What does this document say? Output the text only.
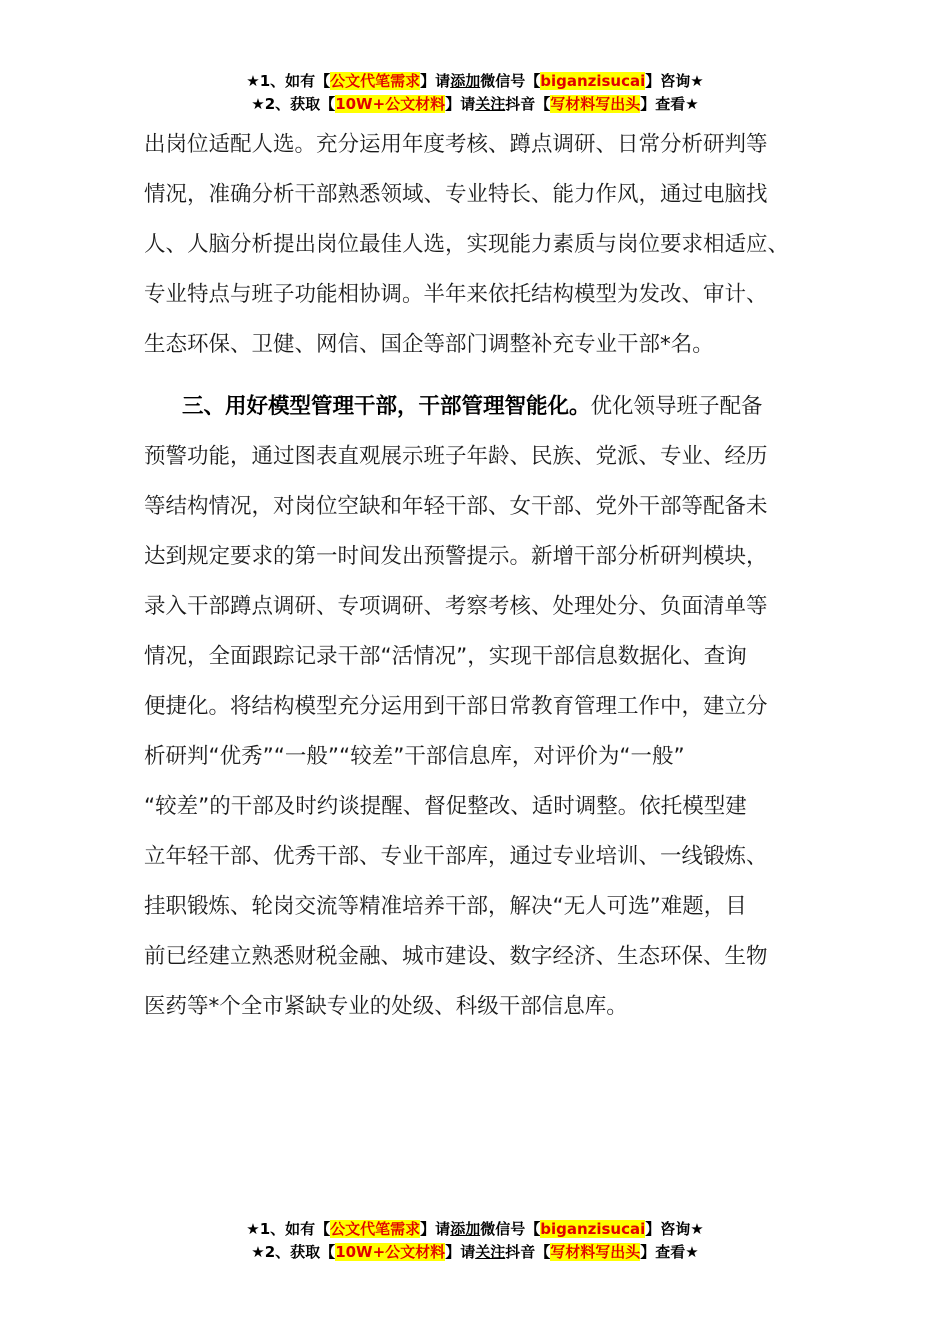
★1、如有【公文代笔需求】请添加微信号【biganzisucai】咨询★
★2、获取【10W+公文材料】请关注抖音【写材料写出头】查看★
出岗位适配人选。充分运用年度考核、蹲点调研、日常分析研判等
情况，准确分析干部熟悉领域、专业特长、能力作风，通过电脑找
人、人脑分析提出岗位最佳人选，实现能力素质与岗位要求相适应、
专业特点与班子功能相协调。半年来依托结构模型为发改、审计、
生态环保、卫健、网信、国企等部门调整补充专业干部*名。
三、用好模型管理干部，干部管理智能化。优化领导班子配备
预警功能，通过图表直观展示班子年龄、民族、党派、专业、经历
等结构情况，对岗位空缺和年轻干部、女干部、党外干部等配备未
达到规定要求的第一时间发出预警提示。新增干部分析研判模块，
录入干部蹲点调研、专项调研、考察考核、处理处分、负面清单等
情况，全面跟踪记录干部“活情况”，实现干部信息数据化、查询
便捷化。将结构模型充分运用到干部日常教育管理工作中，建立分
析研判“优秀”“一般”“较差”干部信息库，对评价为“一般”
“较差”的干部及时约谈提醒、督促整改、适时调整。依托模型建
立年轻干部、优秀干部、专业干部库，通过专业培训、一线锻炼、
挂职锻炼、轮岗交流等精准培养干部，解决“无人可选”难题，目
前已经建立熟悉财税金融、城市建设、数字经济、生态环保、生物
医药等*个全市紧缺专业的处级、科级干部信息库。
★1、如有【公文代笔需求】请添加微信号【biganzisucai】咨询★
★2、获取【10W+公文材料】请关注抖音【写材料写出头】查看★
